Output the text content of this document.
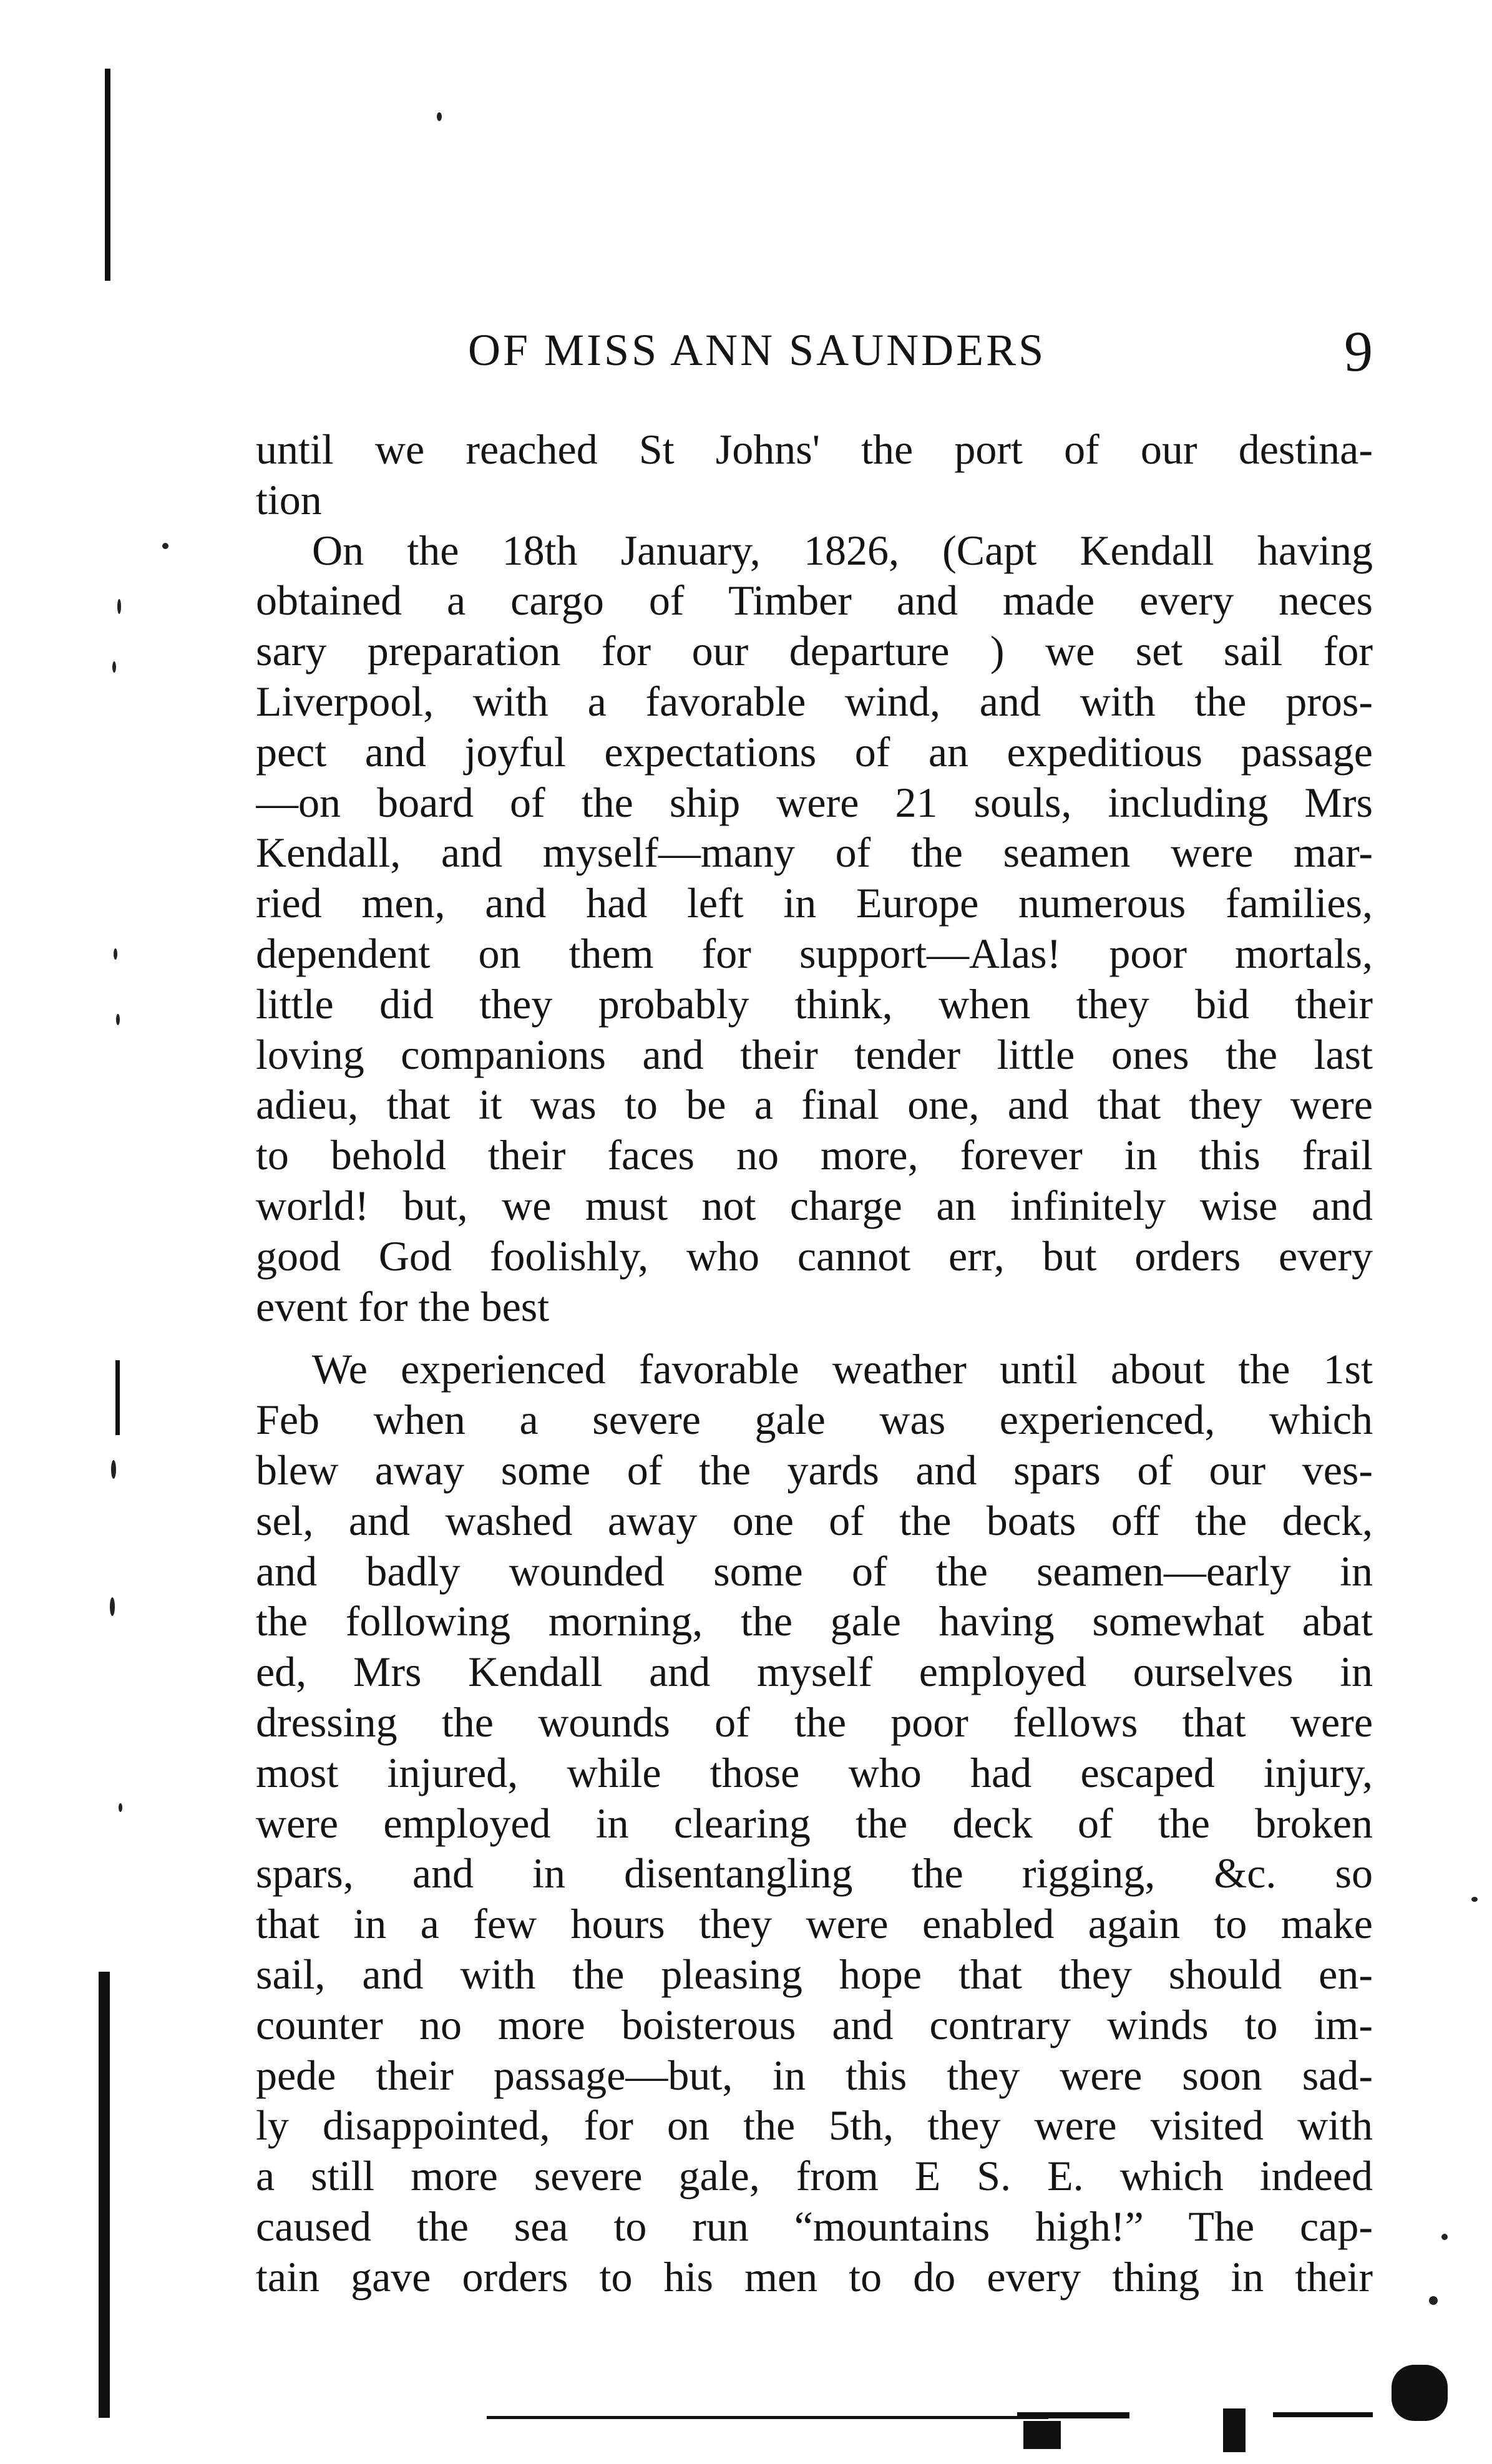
OF MISS ANN SAUNDERS	9
until we reached St Johns' the port of our destina-
tion
On the 18th January, 1826, (Capt Kendall having
obtained a cargo of Timber and made every neces
sary preparation for our departure ) we set sail for
Liverpool, with a favorable wind, and with the pros-
pect and joyful expectations of an expeditious passage
—on board of the ship were 21 souls, including Mrs
Kendall, and myself—many of the seamen were mar-
ried men, and had left in Europe numerous families,
dependent on them for support—Alas! poor mortals,
little did they probably think, when they bid their
loving companions and their tender little ones the last
adieu, that it was to be a final one, and that they were
to behold their faces no more, forever in this frail
world! but, we must not charge an infinitely wise and
good God foolishly, who cannot err, but orders every
event for the best
We experienced favorable weather until about the 1st
Feb when a severe gale was experienced, which
blew away some of the yards and spars of our ves-
sel, and washed away one of the boats off the deck,
and badly wounded some of the seamen—early in
the following morning, the gale having somewhat abat
ed, Mrs Kendall and myself employed ourselves in
dressing the wounds of the poor fellows that were
most injured, while those who had escaped injury,
were employed in clearing the deck of the broken
spars, and in disentangling the rigging, &c. so
that in a few hours they were enabled again to make
sail, and with the pleasing hope that they should en-
counter no more boisterous and contrary winds to im-
pede their passage—but, in this they were soon sad-
ly disappointed, for on the 5th, they were visited with
a still more severe gale, from E S. E. which indeed
caused the sea to run “mountains high!” The cap-
tain gave orders to his men to do every thing in their
